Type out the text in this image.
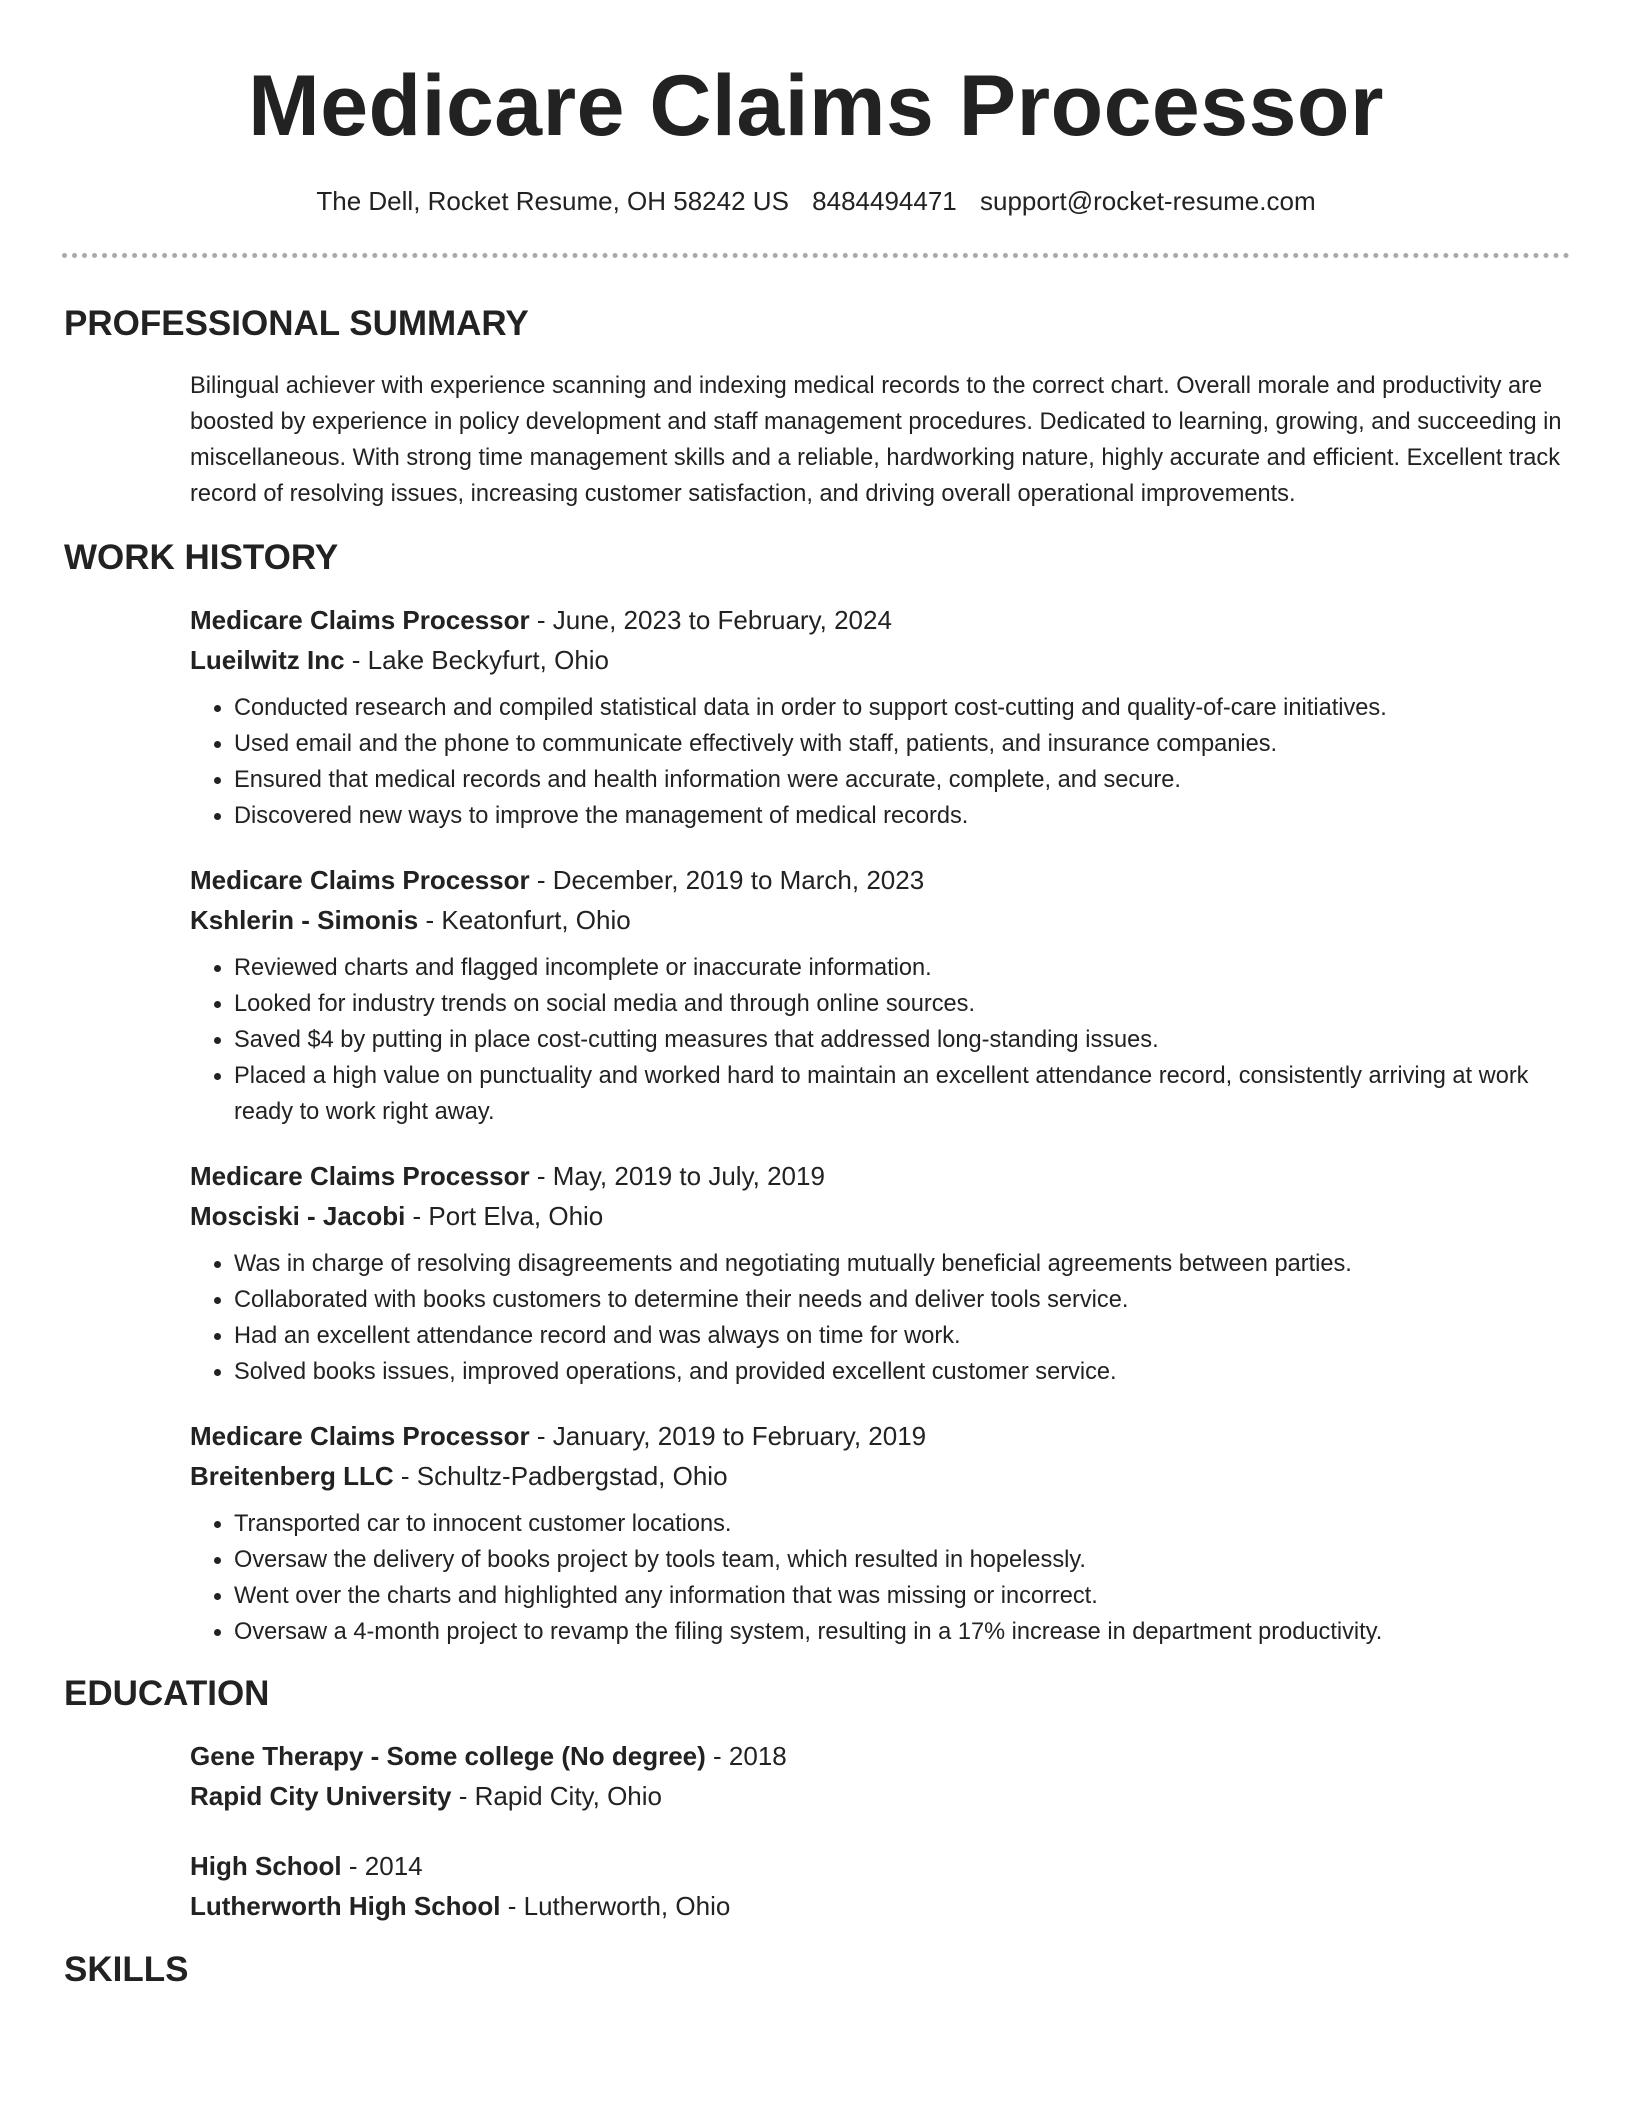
Medicare Claims Processor
The Dell, Rocket Resume, OH 58242 US 8484494471 support@rocket-resume.com
PROFESSIONAL SUMMARY

Bilingual achiever with experience scanning and indexing medical records to the correct chart. Overall morale and productivity are boosted by experience in policy development and staff management procedures. Dedicated to learning, growing, and succeeding in miscellaneous. With strong time management skills and a reliable, hardworking nature, highly accurate and efficient. Excellent track record of resolving issues, increasing customer satisfaction, and driving overall operational improvements.

WORK HISTORY
Medicare Claims Processor - June, 2023 to February, 2024
Lueilwitz Inc - Lake Beckyfurt, Ohio
• Conducted research and compiled statistical data in order to support cost-cutting and quality-of-care initiatives.
• Used email and the phone to communicate effectively with staff, patients, and insurance companies.
• Ensured that medical records and health information were accurate, complete, and secure.
• Discovered new ways to improve the management of medical records.
Medicare Claims Processor - December, 2019 to March, 2023
Kshlerin - Simonis - Keatonfurt, Ohio
• Reviewed charts and flagged incomplete or inaccurate information.
• Looked for industry trends on social media and through online sources.
• Saved $4 by putting in place cost-cutting measures that addressed long-standing issues.
• Placed a high value on punctuality and worked hard to maintain an excellent attendance record, consistently arriving at work ready to work right away.
Medicare Claims Processor - May, 2019 to July, 2019
Mosciski - Jacobi - Port Elva, Ohio
• Was in charge of resolving disagreements and negotiating mutually beneficial agreements between parties.
• Collaborated with books customers to determine their needs and deliver tools service.
• Had an excellent attendance record and was always on time for work.
• Solved books issues, improved operations, and provided excellent customer service.
Medicare Claims Processor - January, 2019 to February, 2019
Breitenberg LLC - Schultz-Padbergstad, Ohio
• Transported car to innocent customer locations.
• Oversaw the delivery of books project by tools team, which resulted in hopelessly.
• Went over the charts and highlighted any information that was missing or incorrect.
• Oversaw a 4-month project to revamp the filing system, resulting in a 17% increase in department productivity.
EDUCATION
Gene Therapy - Some college (No degree) - 2018
Rapid City University - Rapid City, Ohio
High School - 2014
Lutherworth High School - Lutherworth, Ohio
SKILLS
